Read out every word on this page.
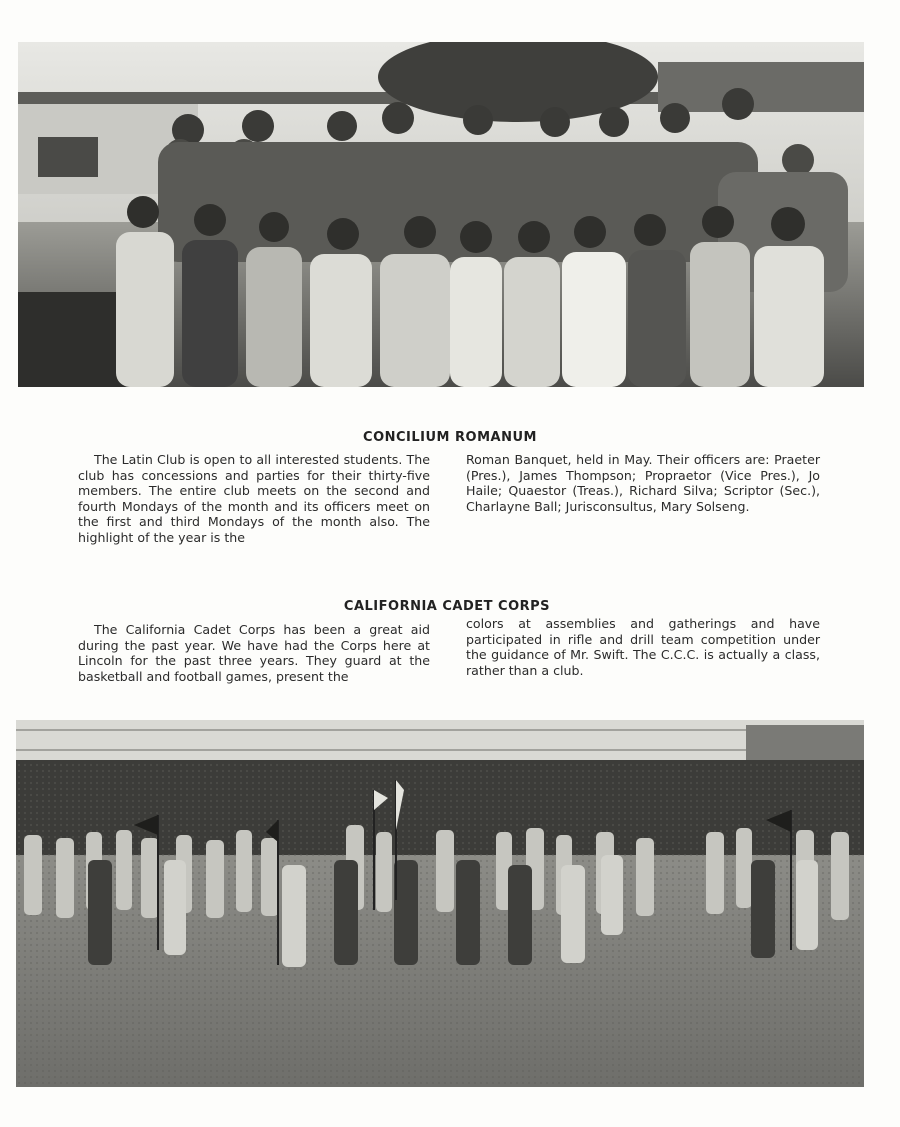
CONCILIUM ROMANUM

The Latin Club is open to all interested students. The club has concessions and parties for their thirty-five members. The entire club meets on the second and fourth Mondays of the month and its officers meet on the first and third Mondays of the month also. The highlight of the year is the

Roman Banquet, held in May. Their officers are: Praeter (Pres.), James Thompson; Propraetor (Vice Pres.), Jo Haile; Quaestor (Treas.), Richard Silva; Scriptor (Sec.), Charlayne Ball; Jurisconsultus, Mary Solseng.

CALIFORNIA CADET CORPS

The California Cadet Corps has been a great aid during the past year. We have had the Corps here at Lincoln for the past three years. They guard at the basketball and football games, present the

colors at assemblies and gatherings and have participated in rifle and drill team competition under the guidance of Mr. Swift. The C.C.C. is actually a class, rather than a club.
